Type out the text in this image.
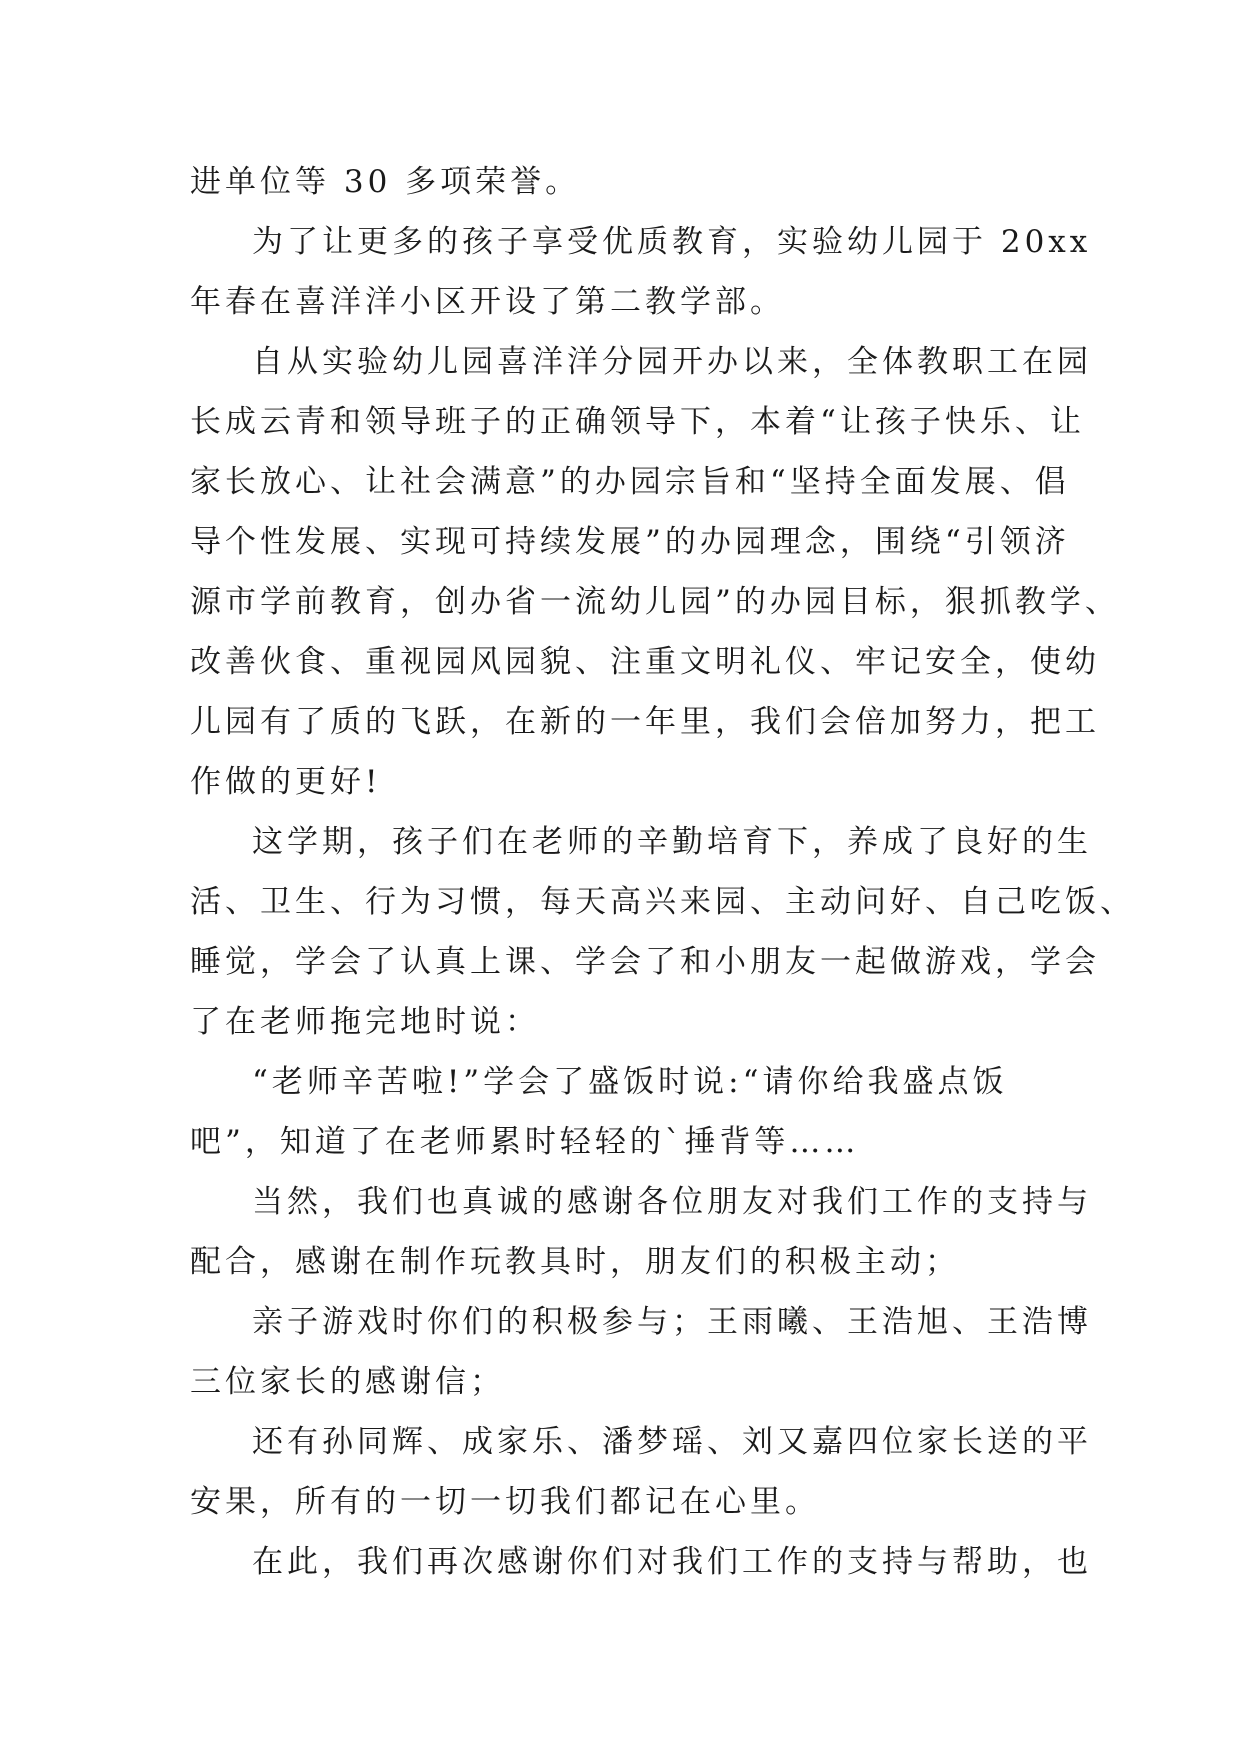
进单位等 30 多项荣誉。

为了让更多的孩子享受优质教育，实验幼儿园于 20xx
年春在喜洋洋小区开设了第二教学部。

自从实验幼儿园喜洋洋分园开办以来，全体教职工在园
长成云青和领导班子的正确领导下，本着“让孩子快乐、让
家长放心、让社会满意”的办园宗旨和“坚持全面发展、倡
导个性发展、实现可持续发展”的办园理念，围绕“引领济
源市学前教育，创办省一流幼儿园”的办园目标，狠抓教学、
改善伙食、重视园风园貌、注重文明礼仪、牢记安全，使幼
儿园有了质的飞跃，在新的一年里，我们会倍加努力，把工
作做的更好!

这学期，孩子们在老师的辛勤培育下，养成了良好的生
活、卫生、行为习惯，每天高兴来园、主动问好、自己吃饭、
睡觉，学会了认真上课、学会了和小朋友一起做游戏，学会
了在老师拖完地时说：

“老师辛苦啦!”学会了盛饭时说:“请你给我盛点饭
吧”，知道了在老师累时轻轻的`捶背等……

当然，我们也真诚的感谢各位朋友对我们工作的支持与
配合，感谢在制作玩教具时，朋友们的积极主动；

亲子游戏时你们的积极参与；王雨曦、王浩旭、王浩博
三位家长的感谢信；

还有孙同辉、成家乐、潘梦瑶、刘又嘉四位家长送的平
安果，所有的一切一切我们都记在心里。

在此，我们再次感谢你们对我们工作的支持与帮助，也
